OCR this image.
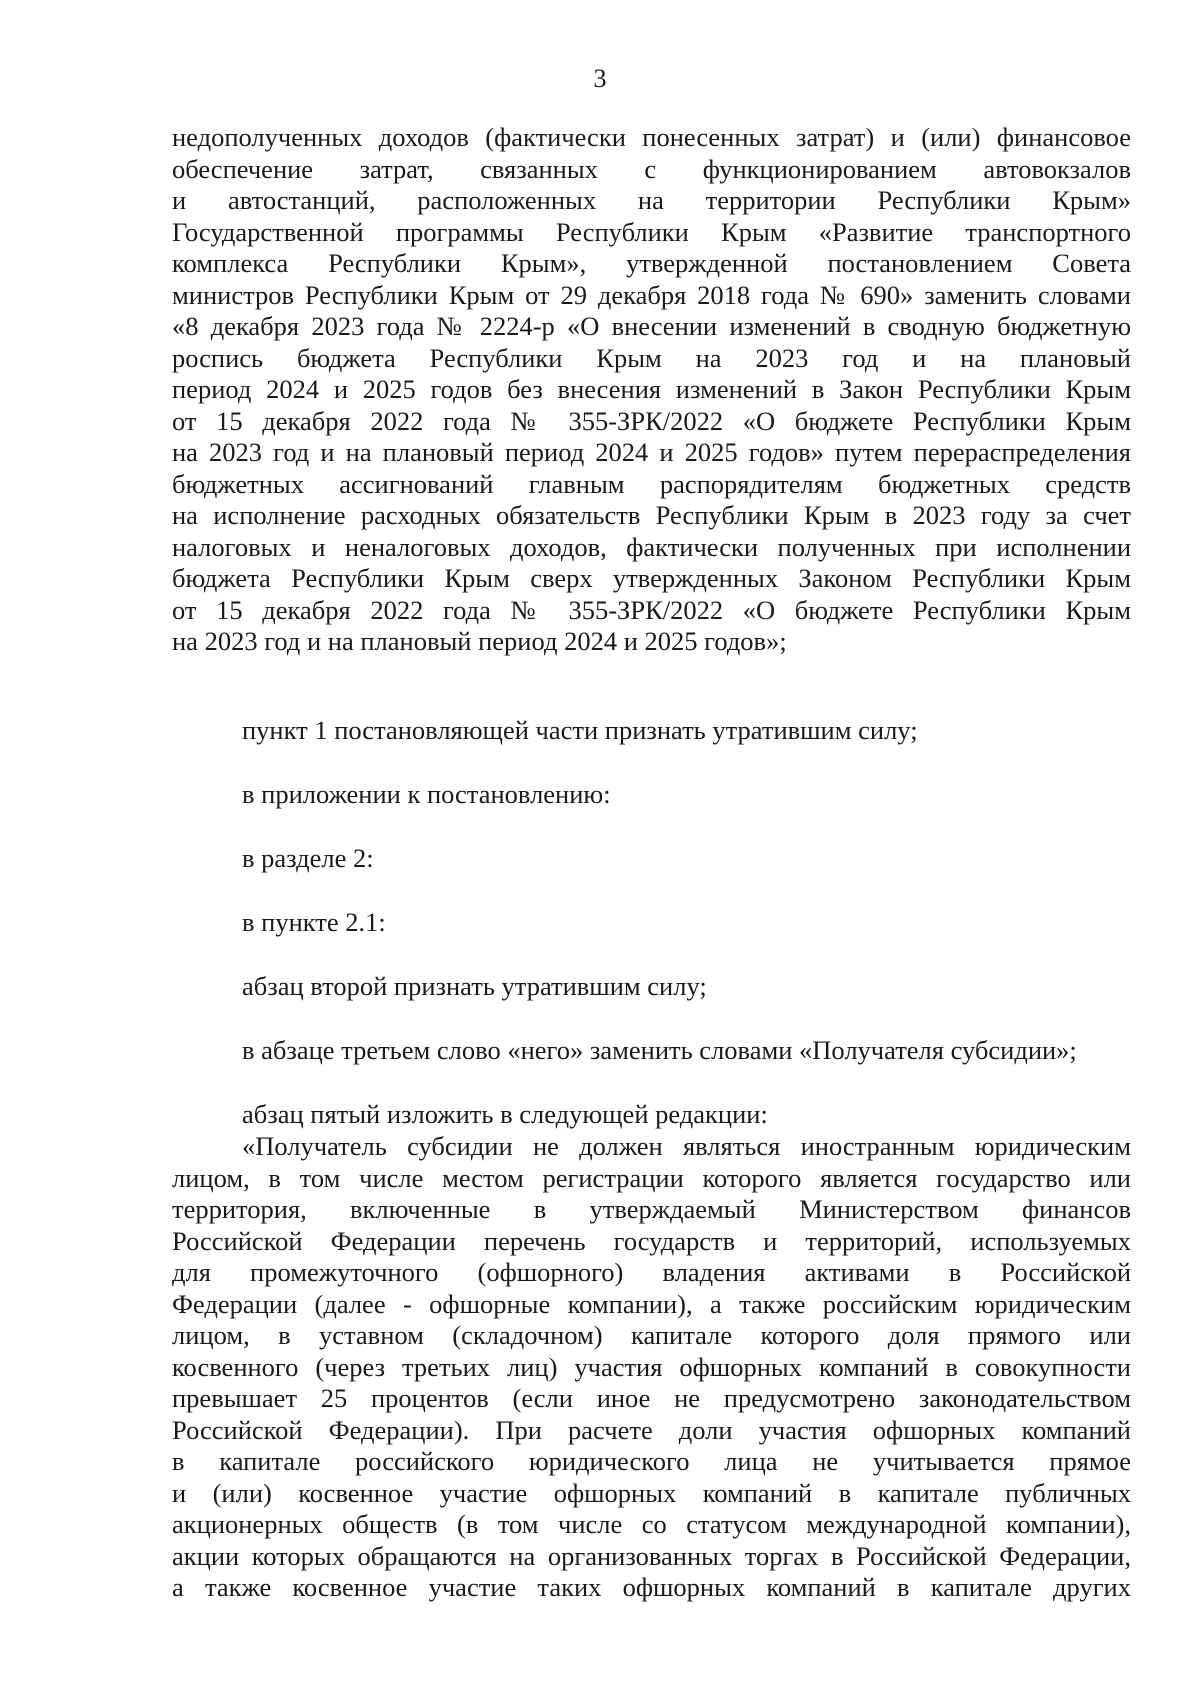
3
недополученных доходов (фактически понесенных затрат) и (или) финансовое
обеспечение затрат, связанных с функционированием автовокзалов
и автостанций, расположенных на территории Республики Крым»
Государственной программы Республики Крым «Развитие транспортного
комплекса Республики Крым», утвержденной постановлением Совета
министров Республики Крым от 29 декабря 2018 года № 690» заменить словами
«8 декабря 2023 года № 2224-р «О внесении изменений в сводную бюджетную
роспись бюджета Республики Крым на 2023 год и на плановый
период 2024 и 2025 годов без внесения изменений в Закон Республики Крым
от 15 декабря 2022 года № 355-ЗРК/2022 «О бюджете Республики Крым
на 2023 год и на плановый период 2024 и 2025 годов» путем перераспределения
бюджетных ассигнований главным распорядителям бюджетных средств
на исполнение расходных обязательств Республики Крым в 2023 году за счет
налоговых и неналоговых доходов, фактически полученных при исполнении
бюджета Республики Крым сверх утвержденных Законом Республики Крым
от 15 декабря 2022 года № 355-ЗРК/2022 «О бюджете Республики Крым
на 2023 год и на плановый период 2024 и 2025 годов»;
пункт 1 постановляющей части признать утратившим силу;
в приложении к постановлению:
в разделе 2:
в пункте 2.1:
абзац второй признать утратившим силу;
в абзаце третьем слово «него» заменить словами «Получателя субсидии»;
абзац пятый изложить в следующей редакции:
«Получатель субсидии не должен являться иностранным юридическим
лицом, в том числе местом регистрации которого является государство или
территория, включенные в утверждаемый Министерством финансов
Российской Федерации перечень государств и территорий, используемых
для промежуточного (офшорного) владения активами в Российской
Федерации (далее - офшорные компании), а также российским юридическим
лицом, в уставном (складочном) капитале которого доля прямого или
косвенного (через третьих лиц) участия офшорных компаний в совокупности
превышает 25 процентов (если иное не предусмотрено законодательством
Российской Федерации). При расчете доли участия офшорных компаний
в капитале российского юридического лица не учитывается прямое
и (или) косвенное участие офшорных компаний в капитале публичных
акционерных обществ (в том числе со статусом международной компании),
акции которых обращаются на организованных торгах в Российской Федерации,
а также косвенное участие таких офшорных компаний в капитале других
